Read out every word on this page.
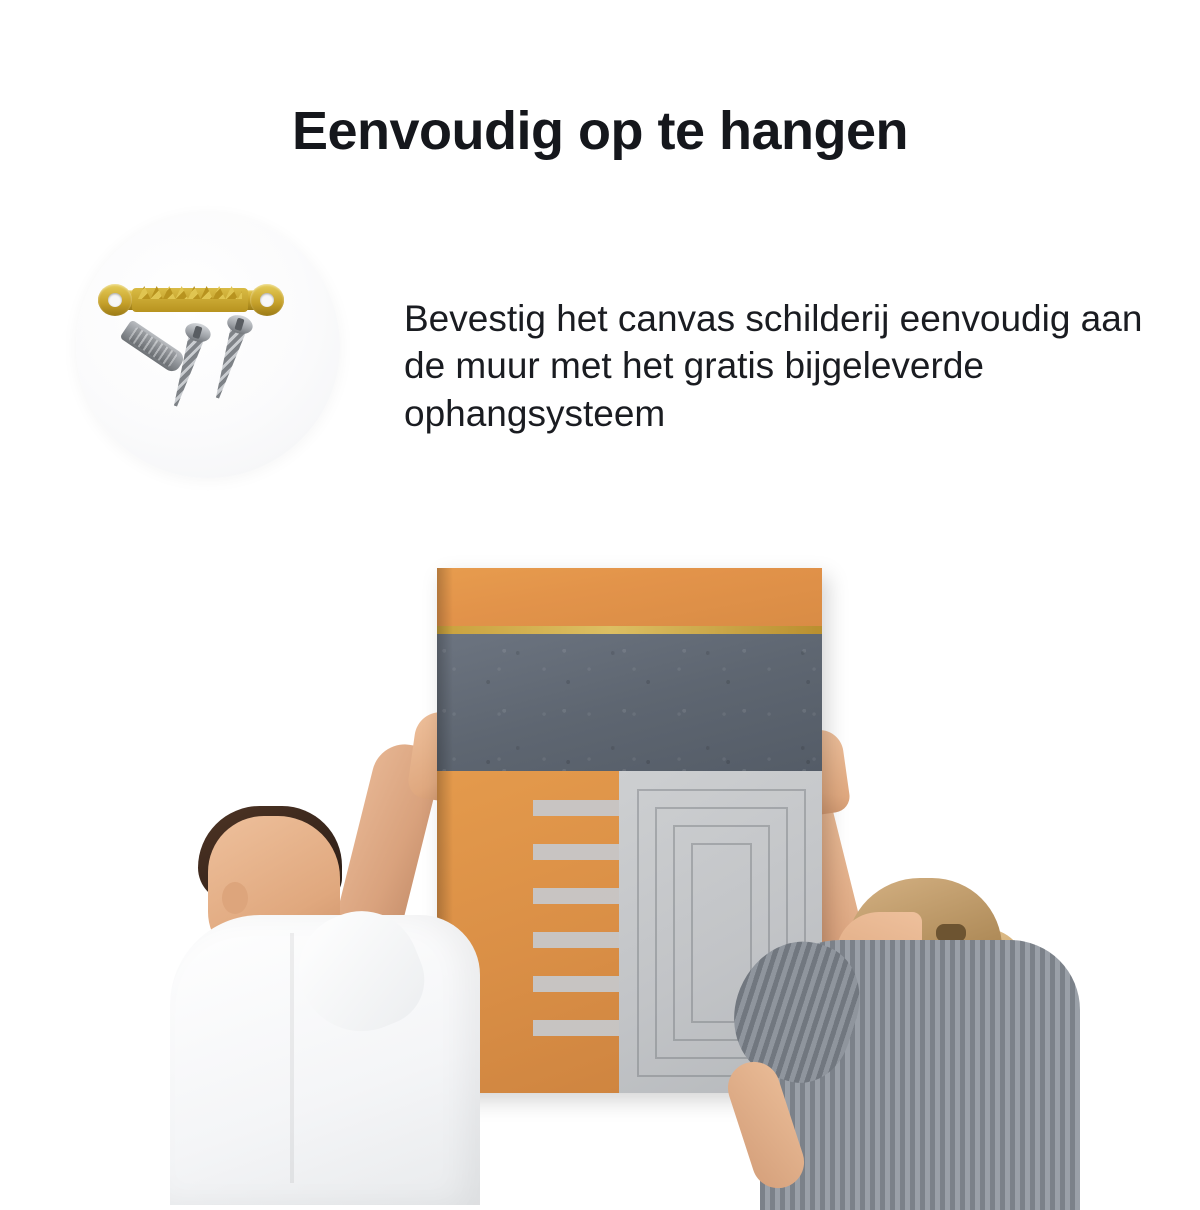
Eenvoudig op te hangen

Bevestig het canvas schilderij eenvoudig aan de muur met het gratis bijgeleverde ophangsysteem
